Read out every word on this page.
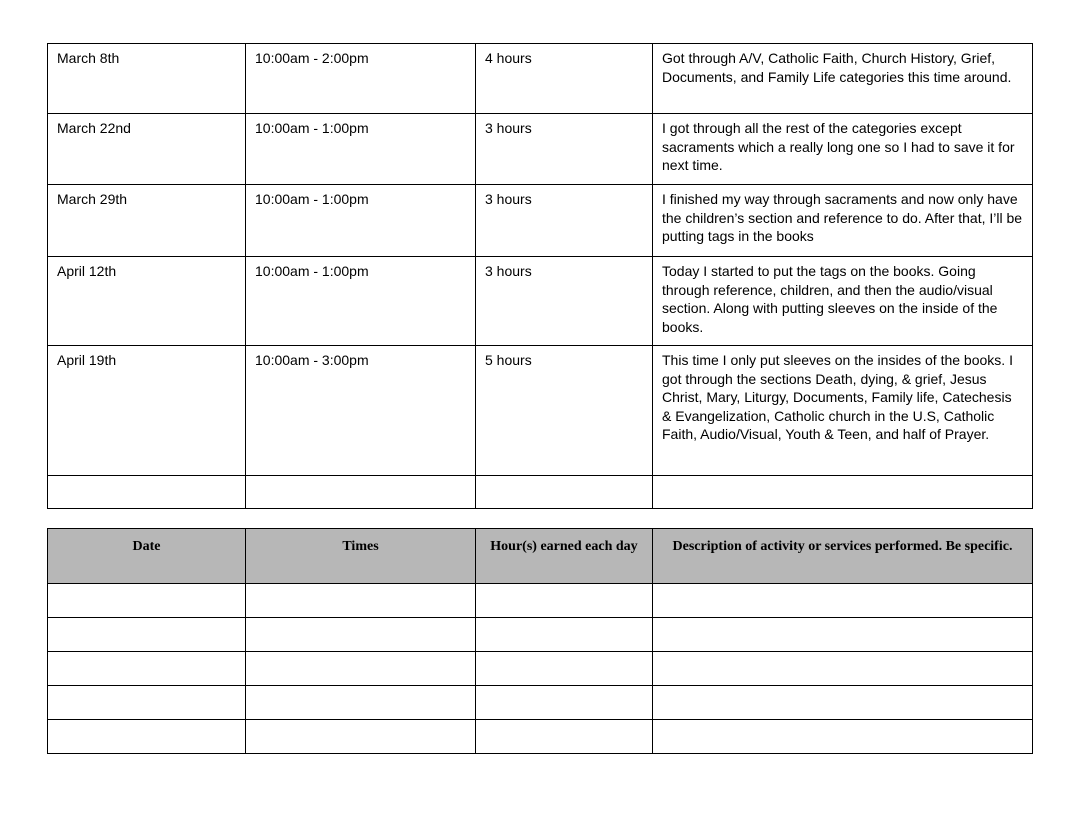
March 8th	10:00am - 2:00pm	4 hours	Got through A/V, Catholic Faith, Church History, Grief, Documents, and Family Life categories this time around.
March 22nd	10:00am - 1:00pm	3 hours	I got through all the rest of the categories except sacraments which a really long one so I had to save it for next time.
March 29th	10:00am - 1:00pm	3 hours	I finished my way through sacraments and now only have the children’s section and reference to do. After that, I’ll be putting tags in the books
April 12th	10:00am - 1:00pm	3 hours	Today I started to put the tags on the books. Going through reference, children, and then the audio/visual section. Along with putting sleeves on the inside of the books.
April 19th	10:00am - 3:00pm	5 hours	This time I only put sleeves on the insides of the books. I got through the sections Death, dying, & grief, Jesus Christ, Mary, Liturgy, Documents, Family life, Catechesis & Evangelization, Catholic church in the U.S, Catholic Faith, Audio/Visual, Youth & Teen, and half of Prayer.

Date	Times	Hour(s) earned each day	Description of activity or services performed. Be specific.
